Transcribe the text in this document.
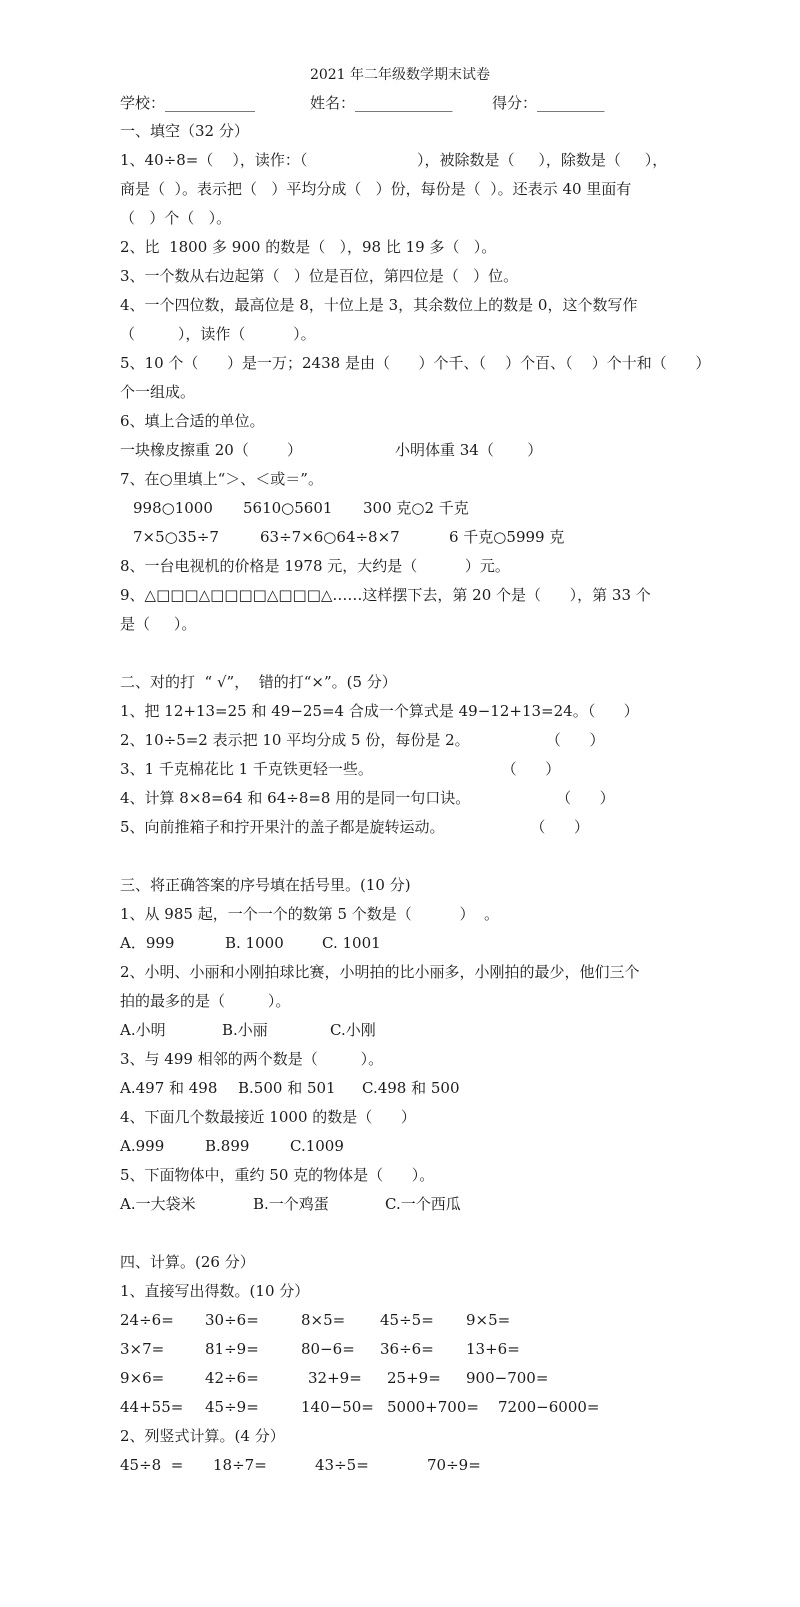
2021 年二年级数学期末试卷
学校：____________	姓名：_____________	得分：_________
一、填空（32 分）
1、40÷8=（    ），读作：（                       ），被除数是（     ），除数是（     ），
商是（  ）。表示把（   ）平均分成（   ）份，每份是（  ）。还表示 40 里面有
（   ）个（   ）。
2、比  1800 多 900 的数是（   ），98 比 19 多（   ）。
3、一个数从右边起第（   ）位是百位，第四位是（   ）位。
4、一个四位数，最高位是 8，十位上是 3，其余数位上的数是 0，这个数写作
（         ），读作（          ）。
5、10 个（      ）是一万；2438 是由（      ）个千、（    ）个百、（    ）个十和（      ）
个一组成。
6、填上合适的单位。
一块橡皮擦重 20（        ）	小明体重 34（       ）
7、在○里填上“＞、＜或＝”。
998○1000 5610○5601 300 克○2 千克
7×5○35÷7	63÷7×6○64÷8×7	6 千克○5999 克
8、一台电视机的价格是 1978 元，大约是（          ）元。
9、△□□□△□□□□△□□□△……这样摆下去，第 20 个是（      ），第 33 个
是（     ）。
二、对的打  “ √”，  错的打“×”。(5 分）
1、把 12+13=25 和 49−25=4 合成一个算式是 49−12+13=24。（      ）
2、10÷5=2 表示把 10 平均分成 5 份，每份是 2。                （      ）
3、1 千克棉花比 1 千克铁更轻一些。                           （      ）
4、计算 8×8=64 和 64÷8=8 用的是同一句口诀。                  （      ）
5、向前推箱子和拧开果汁的盖子都是旋转运动。                  （      ）
三、将正确答案的序号填在括号里。(10 分)
1、从 985 起，一个一个的数第 5 个数是（          ）  。
A．999	B. 1000	C. 1001
2、小明、小丽和小刚拍球比赛，小明拍的比小丽多，小刚拍的最少，他们三个
拍的最多的是（         ）。
A.小明	B.小丽	C.小刚
3、与 499 相邻的两个数是（         ）。
A.497 和 498 B.500 和 501 C.498 和 500
4、下面几个数最接近 1000 的数是（      ）
A.999	B.899	C.1009
5、下面物体中，重约 50 克的物体是（      ）。
A.一大袋米	B.一个鸡蛋	C.一个西瓜
四、计算。(26 分）
1、直接写出得数。(10 分）
24÷6= 30÷6=	8×5= 45÷5= 9×5=
3×7=	81÷9=	80−6= 36÷6= 13+6=
9×6=	42÷6=	32+9= 25+9= 900−700=
44+55= 45÷9=	140−50= 5000+700= 7200−6000=
2、列竖式计算。(4 分）
45÷8  = 18÷7=	43÷5=	70÷9=
